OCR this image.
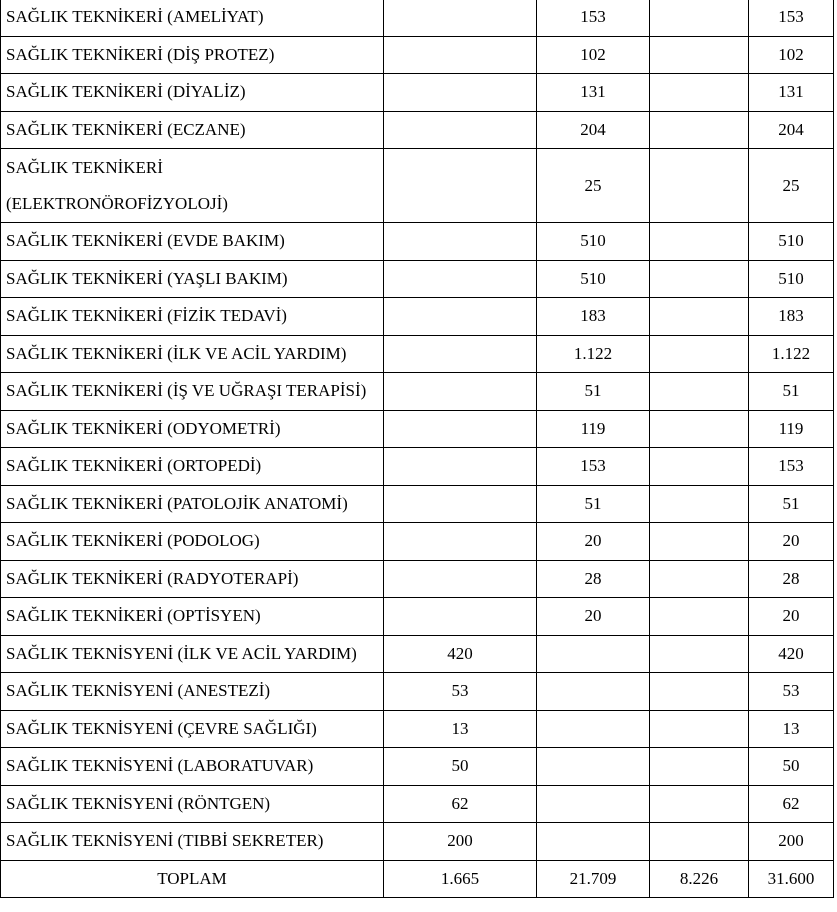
SAĞLIK TEKNİKERİ (AMELİYAT)		153		153
SAĞLIK TEKNİKERİ (DİŞ PROTEZ)		102		102
SAĞLIK TEKNİKERİ (DİYALİZ)		131		131
SAĞLIK TEKNİKERİ (ECZANE)		204		204
SAĞLIK TEKNİKERİ (ELEKTRONÖROFİZYOLOJİ)		25		25
SAĞLIK TEKNİKERİ (EVDE BAKIM)		510		510
SAĞLIK TEKNİKERİ (YAŞLI BAKIM)		510		510
SAĞLIK TEKNİKERİ (FİZİK TEDAVİ)		183		183
SAĞLIK TEKNİKERİ (İLK VE ACİL YARDIM)		1.122		1.122
SAĞLIK TEKNİKERİ (İŞ VE UĞRAŞI TERAPİSİ)		51		51
SAĞLIK TEKNİKERİ (ODYOMETRİ)		119		119
SAĞLIK TEKNİKERİ (ORTOPEDİ)		153		153
SAĞLIK TEKNİKERİ (PATOLOJİK ANATOMİ)		51		51
SAĞLIK TEKNİKERİ (PODOLOG)		20		20
SAĞLIK TEKNİKERİ (RADYOTERAPİ)		28		28
SAĞLIK TEKNİKERİ (OPTİSYEN)		20		20
SAĞLIK TEKNİSYENİ (İLK VE ACİL YARDIM)	420			420
SAĞLIK TEKNİSYENİ (ANESTEZİ)	53			53
SAĞLIK TEKNİSYENİ (ÇEVRE SAĞLIĞI)	13			13
SAĞLIK TEKNİSYENİ (LABORATUVAR)	50			50
SAĞLIK TEKNİSYENİ (RÖNTGEN)	62			62
SAĞLIK TEKNİSYENİ (TIBBİ SEKRETER)	200			200
TOPLAM	1.665	21.709	8.226	31.600
